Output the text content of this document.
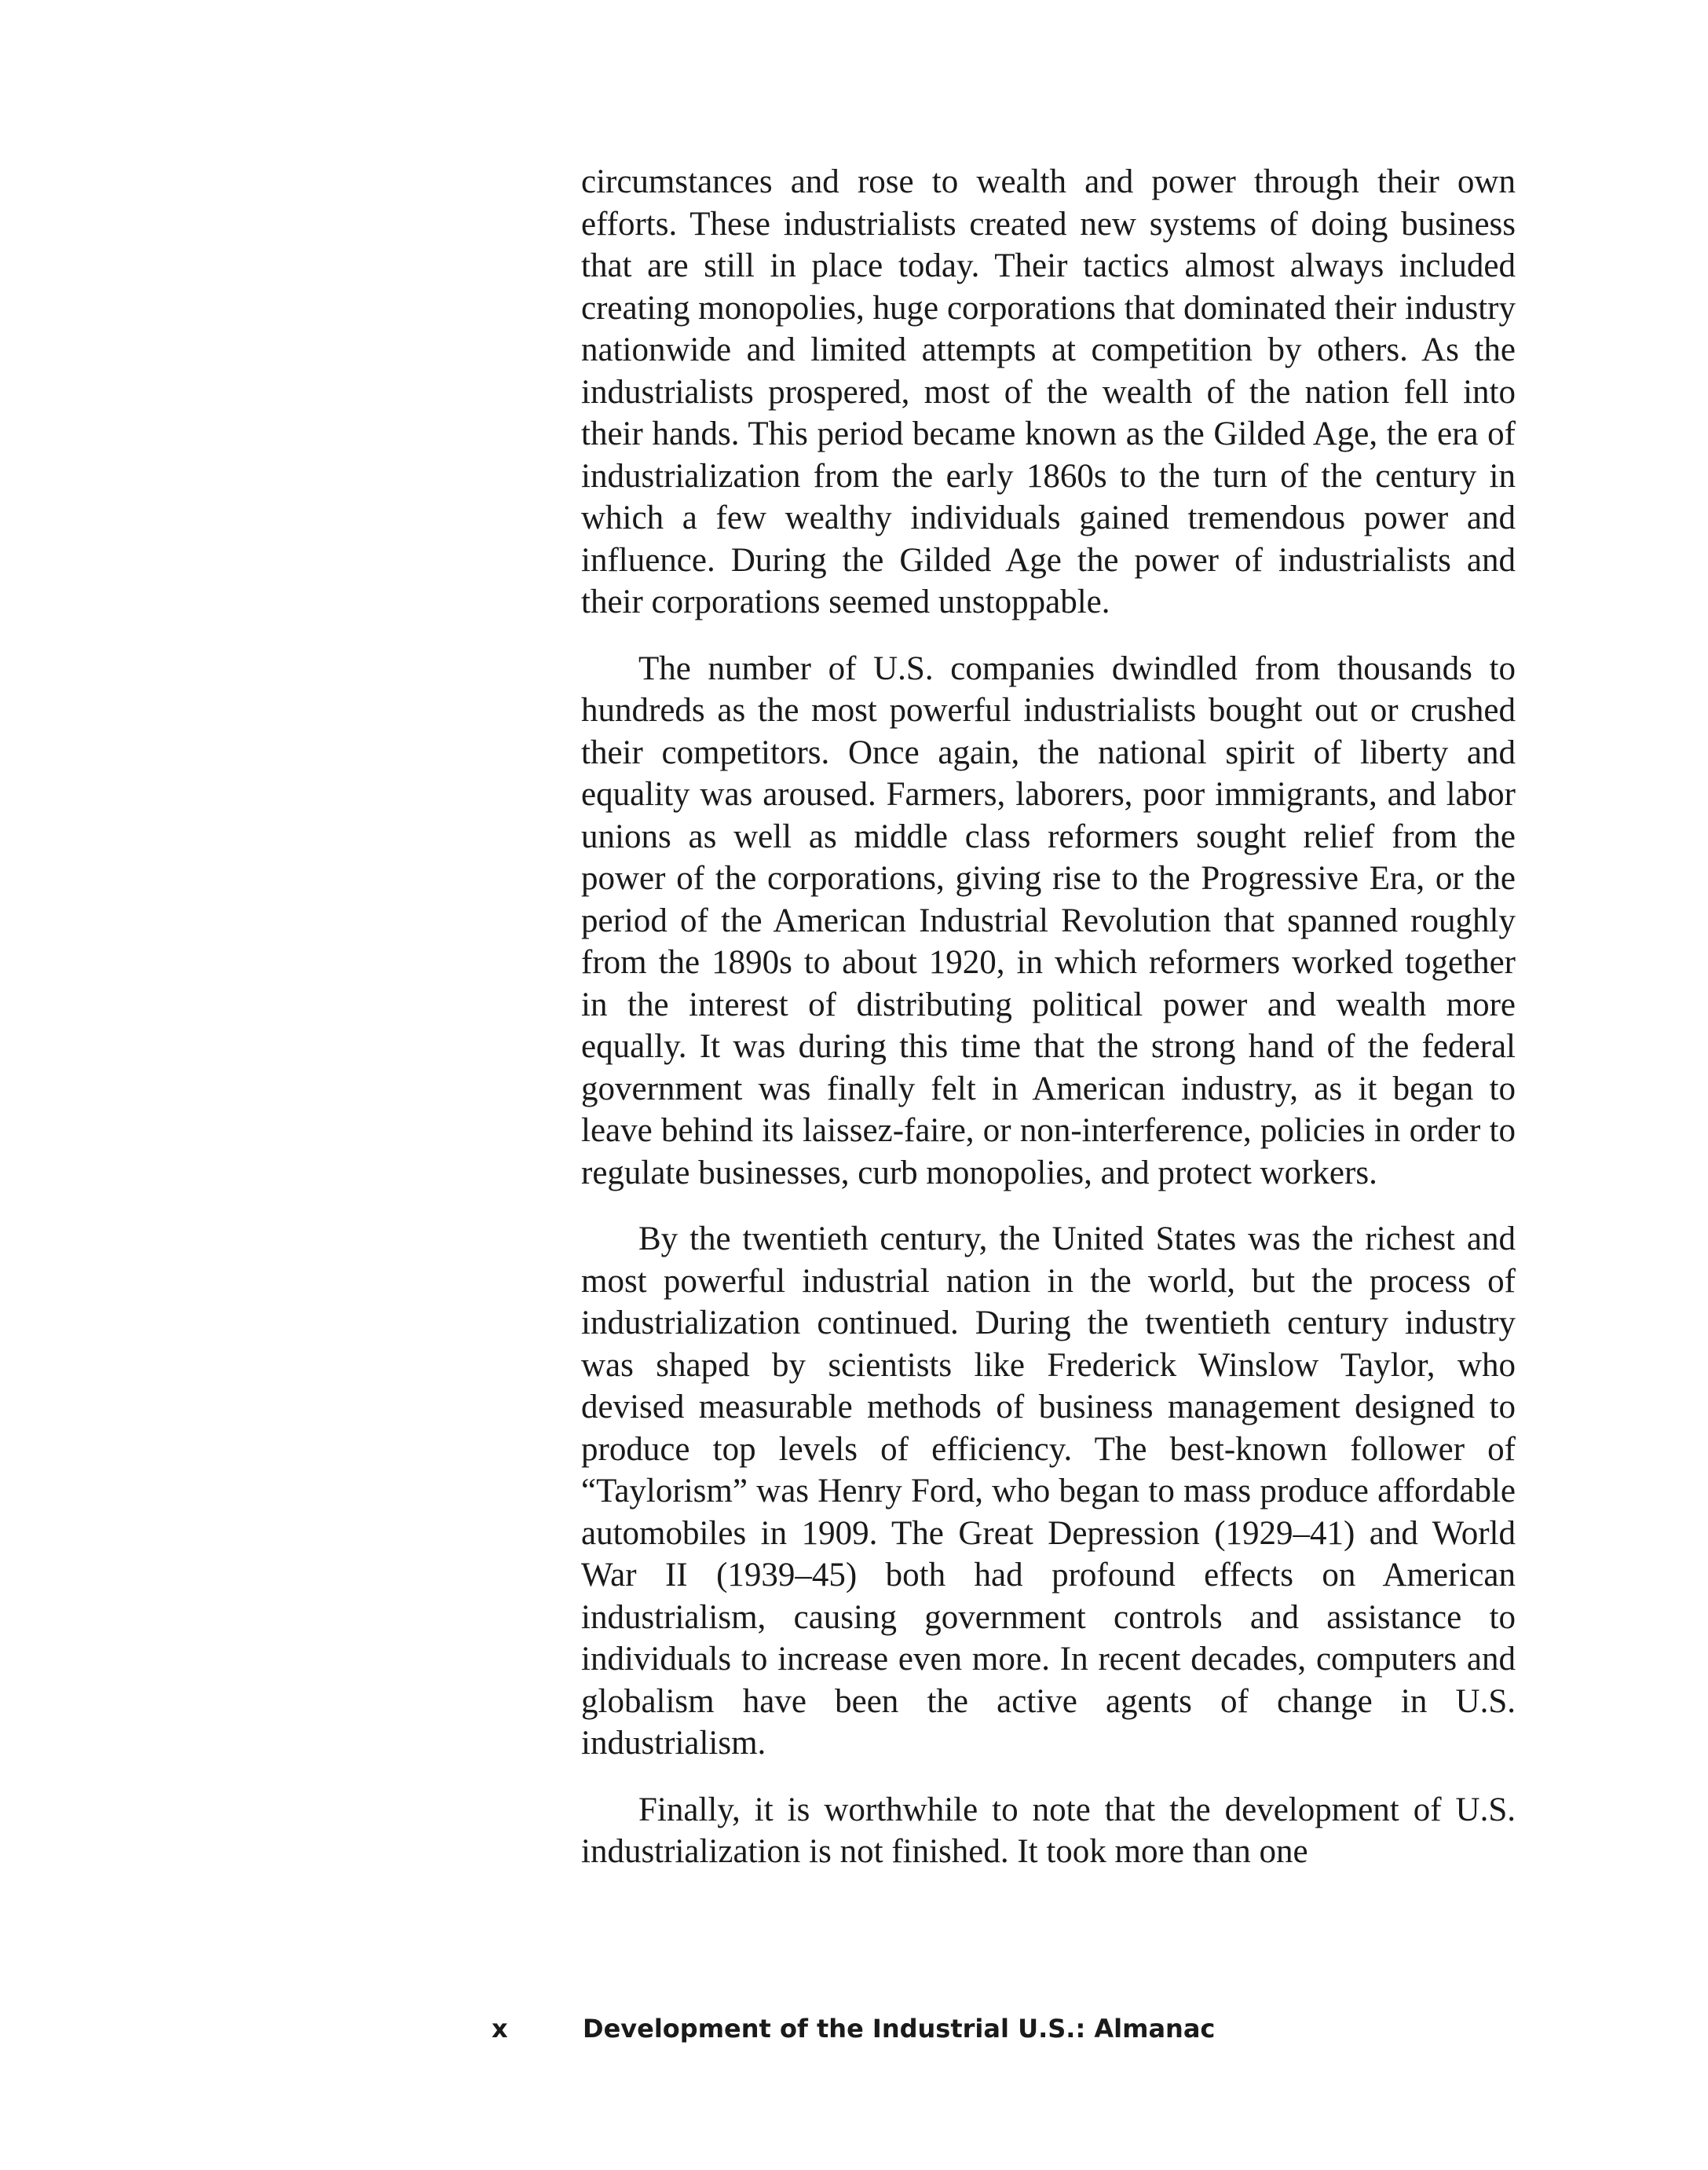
circumstances and rose to wealth and power through their own efforts. These industrialists created new systems of doing business that are still in place today. Their tactics almost always included creating monopolies, huge corporations that dominated their industry nationwide and limited attempts at competition by others. As the industrialists prospered, most of the wealth of the nation fell into their hands. This period became known as the Gilded Age, the era of industrialization from the early 1860s to the turn of the century in which a few wealthy individuals gained tremendous power and influence. During the Gilded Age the power of industrialists and their corporations seemed unstoppable.

The number of U.S. companies dwindled from thousands to hundreds as the most powerful industrialists bought out or crushed their competitors. Once again, the national spirit of liberty and equality was aroused. Farmers, laborers, poor immigrants, and labor unions as well as middle class reformers sought relief from the power of the corporations, giving rise to the Progressive Era, or the period of the American Industrial Revolution that spanned roughly from the 1890s to about 1920, in which reformers worked together in the interest of distributing political power and wealth more equally. It was during this time that the strong hand of the federal government was finally felt in American industry, as it began to leave behind its laissez-faire, or non-interference, policies in order to regulate businesses, curb monopolies, and protect workers.

By the twentieth century, the United States was the richest and most powerful industrial nation in the world, but the process of industrialization continued. During the twentieth century industry was shaped by scientists like Frederick Winslow Taylor, who devised measurable methods of business management designed to produce top levels of efficiency. The best-known follower of “Taylorism” was Henry Ford, who began to mass produce affordable automobiles in 1909. The Great Depression (1929–41) and World War II (1939–45) both had profound effects on American industrialism, causing government controls and assistance to individuals to increase even more. In recent decades, computers and globalism have been the active agents of change in U.S. industrialism.

Finally, it is worthwhile to note that the development of U.S. industrialization is not finished. It took more than one

x	Development of the Industrial U.S.: Almanac
